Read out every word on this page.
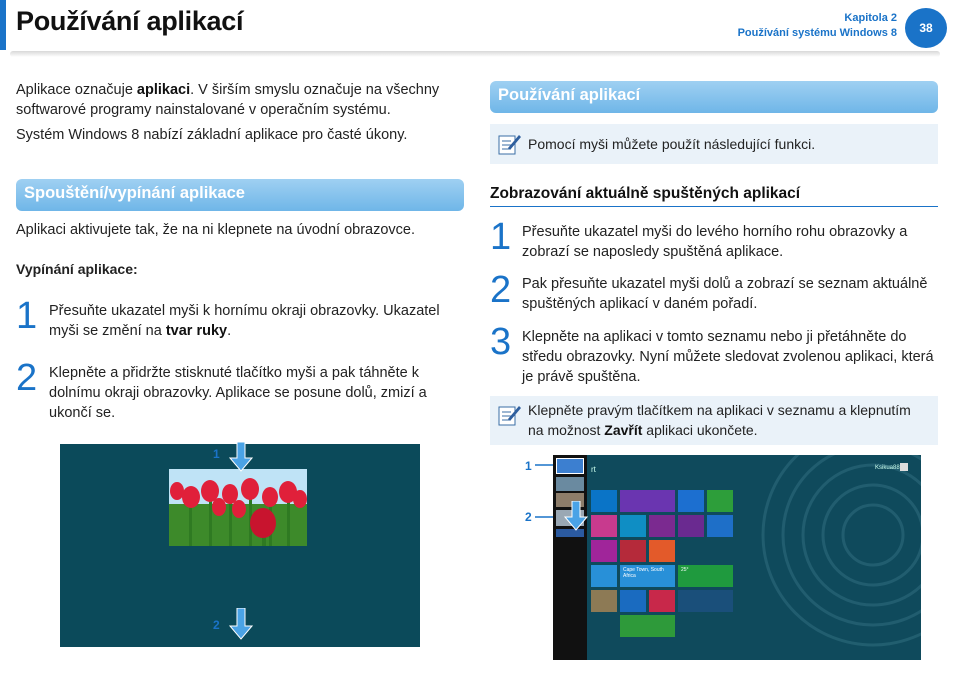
Používání aplikací	Kapitola 2
Používání systému Windows 8	38

Aplikace označuje aplikaci. V širším smyslu označuje na všechny softwarové programy nainstalované v operačním systému.

Systém Windows 8 nabízí základní aplikace pro časté úkony.

Spouštění/vypínání aplikace

Aplikaci aktivujete tak, že na ni klepnete na úvodní obrazovce.

Vypínání aplikace:

1 Přesuňte ukazatel myši k hornímu okraji obrazovky. Ukazatel myši se změní na tvar ruky.

2 Klepněte a přidržte stisknuté tlačítko myši a pak táhněte k dolnímu okraji obrazovky. Aplikace se posune dolů, zmizí a ukončí se.

1
2
Používání aplikací
Pomocí myši můžete použít následující funkci.
Zobrazování aktuálně spuštěných aplikací
1 Přesuňte ukazatel myši do levého horního rohu obrazovky a zobrazí se naposledy spuštěná aplikace.

2 Pak přesuňte ukazatel myši dolů a zobrazí se seznam aktuálně spuštěných aplikací v daném pořadí.

3 Klepněte na aplikaci v tomto seznamu nebo ji přetáhněte do středu obrazovky. Nyní můžete sledovat zvolenou aplikaci, která je právě spuštěna.

Klepněte pravým tlačítkem na aplikaci v seznamu a klepnutím na možnost Zavřít aplikaci ukončete.
1
2
rt	Ksikua88
Cape Town, South Africa
25°
